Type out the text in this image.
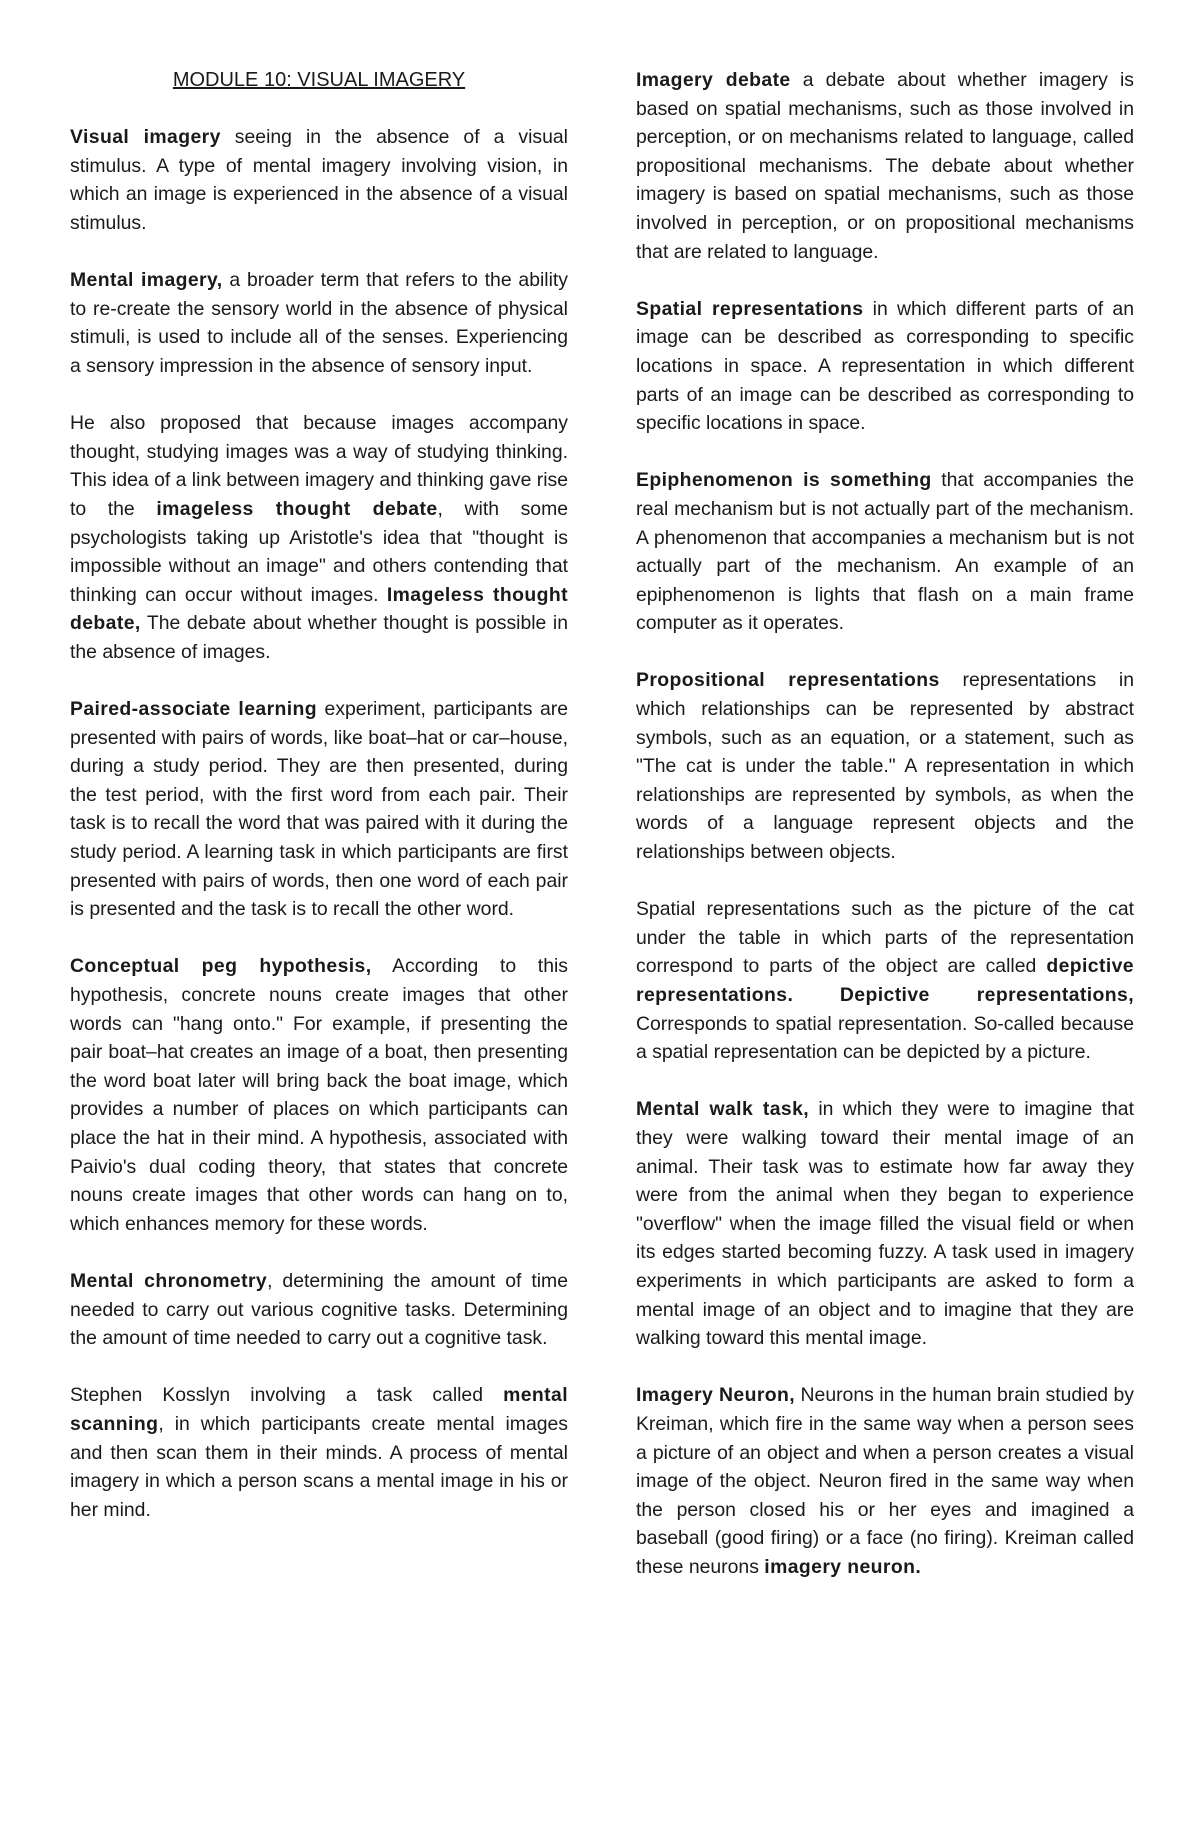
MODULE 10: VISUAL IMAGERY

Visual imagery seeing in the absence of a visual stimulus. A type of mental imagery involving vision, in which an image is experienced in the absence of a visual stimulus.

Mental imagery, a broader term that refers to the ability to re-create the sensory world in the absence of physical stimuli, is used to include all of the senses. Experiencing a sensory impression in the absence of sensory input.

He also proposed that because images accompany thought, studying images was a way of studying thinking. This idea of a link between imagery and thinking gave rise to the imageless thought debate, with some psychologists taking up Aristotle's idea that "thought is impossible without an image" and others contending that thinking can occur without images. Imageless thought debate, The debate about whether thought is possible in the absence of images.

Paired-associate learning experiment, participants are presented with pairs of words, like boat–hat or car–house, during a study period. They are then presented, during the test period, with the first word from each pair. Their task is to recall the word that was paired with it during the study period. A learning task in which participants are first presented with pairs of words, then one word of each pair is presented and the task is to recall the other word.

Conceptual peg hypothesis, According to this hypothesis, concrete nouns create images that other words can "hang onto." For example, if presenting the pair boat–hat creates an image of a boat, then presenting the word boat later will bring back the boat image, which provides a number of places on which participants can place the hat in their mind. A hypothesis, associated with Paivio's dual coding theory, that states that concrete nouns create images that other words can hang on to, which enhances memory for these words.

Mental chronometry, determining the amount of time needed to carry out various cognitive tasks. Determining the amount of time needed to carry out a cognitive task.

Stephen Kosslyn involving a task called mental scanning, in which participants create mental images and then scan them in their minds. A process of mental imagery in which a person scans a mental image in his or her mind.

Imagery debate a debate about whether imagery is based on spatial mechanisms, such as those involved in perception, or on mechanisms related to language, called propositional mechanisms. The debate about whether imagery is based on spatial mechanisms, such as those involved in perception, or on propositional mechanisms that are related to language.

Spatial representations in which different parts of an image can be described as corresponding to specific locations in space. A representation in which different parts of an image can be described as corresponding to specific locations in space.

Epiphenomenon is something that accompanies the real mechanism but is not actually part of the mechanism. A phenomenon that accompanies a mechanism but is not actually part of the mechanism. An example of an epiphenomenon is lights that flash on a main frame computer as it operates.

Propositional representations representations in which relationships can be represented by abstract symbols, such as an equation, or a statement, such as "The cat is under the table." A representation in which relationships are represented by symbols, as when the words of a language represent objects and the relationships between objects.

Spatial representations such as the picture of the cat under the table in which parts of the representation correspond to parts of the object are called depictive representations. Depictive representations, Corresponds to spatial representation. So-called because a spatial representation can be depicted by a picture.

Mental walk task, in which they were to imagine that they were walking toward their mental image of an animal. Their task was to estimate how far away they were from the animal when they began to experience "overflow" when the image filled the visual field or when its edges started becoming fuzzy. A task used in imagery experiments in which participants are asked to form a mental image of an object and to imagine that they are walking toward this mental image.

Imagery Neuron, Neurons in the human brain studied by Kreiman, which fire in the same way when a person sees a picture of an object and when a person creates a visual image of the object. Neuron fired in the same way when the person closed his or her eyes and imagined a baseball (good firing) or a face (no firing). Kreiman called these neurons imagery neuron.
